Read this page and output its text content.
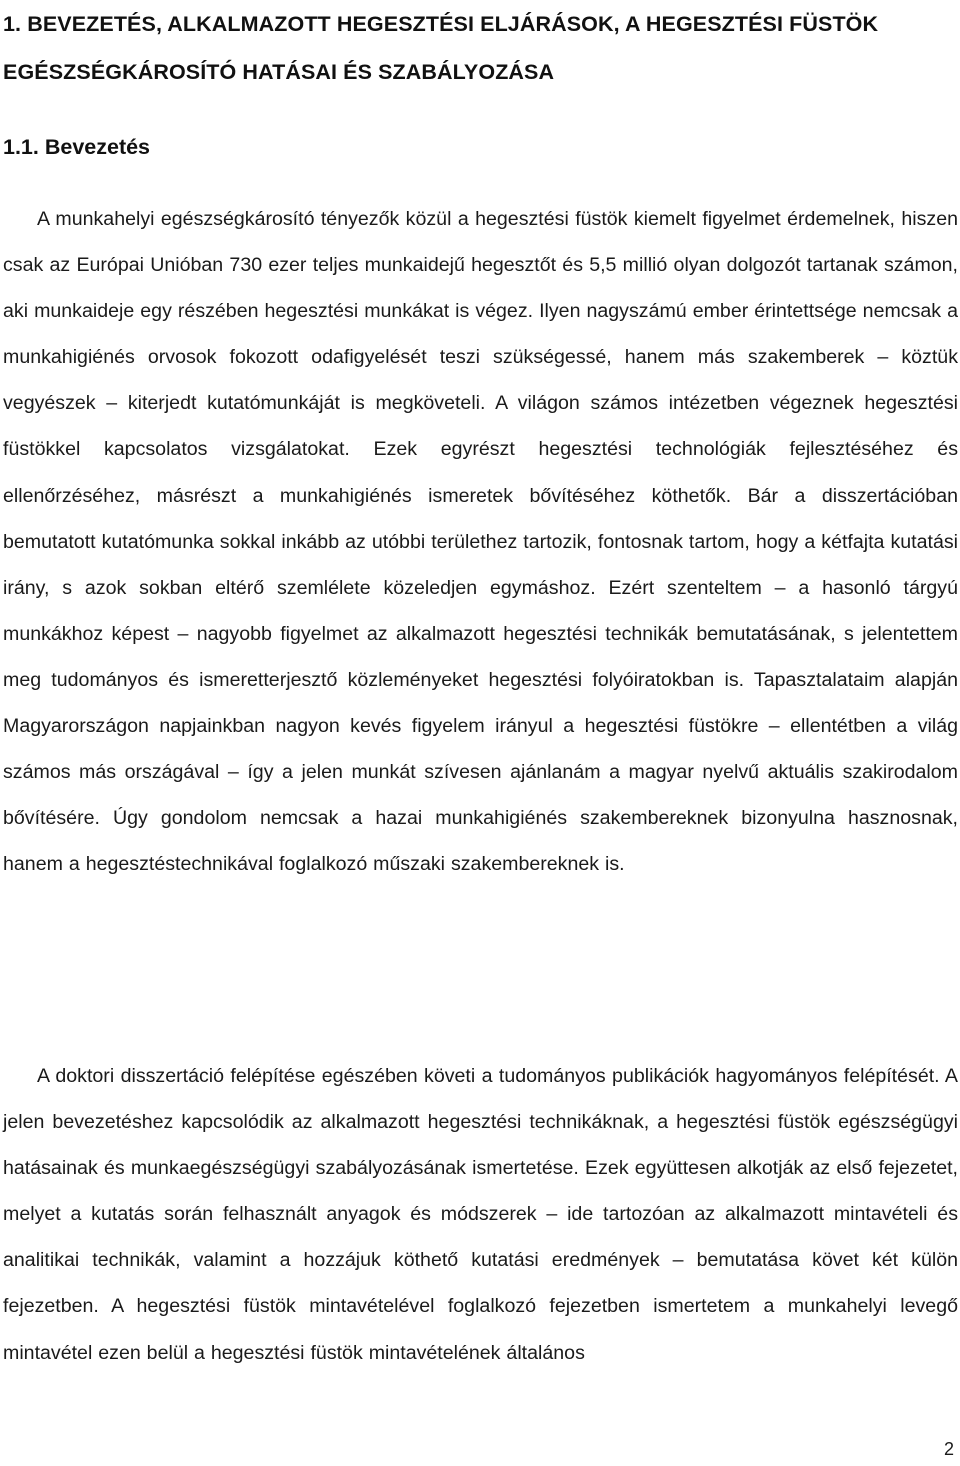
1. BEVEZETÉS, ALKALMAZOTT HEGESZTÉSI ELJÁRÁSOK, A HEGESZTÉSI FÜSTÖK EGÉSZSÉGKÁROSÍTÓ HATÁSAI ÉS SZABÁLYOZÁSA
1.1. Bevezetés

A munkahelyi egészségkárosító tényezők közül a hegesztési füstök kiemelt figyelmet érdemelnek, hiszen csak az Európai Unióban 730 ezer teljes munkaidejű hegesztőt és 5,5 millió olyan dolgozót tartanak számon, aki munkaideje egy részében hegesztési munkákat is végez. Ilyen nagyszámú ember érintettsége nemcsak a munkahigiénés orvosok fokozott odafigyelését teszi szükségessé, hanem más szakemberek – köztük vegyészek – kiterjedt kutatómunkáját is megköveteli. A világon számos intézetben végeznek hegesztési füstökkel kapcsolatos vizsgálatokat. Ezek egyrészt hegesztési technológiák fejlesztéséhez és ellenőrzéséhez, másrészt a munkahigiénés ismeretek bővítéséhez köthetők. Bár a disszertációban bemutatott kutatómunka sokkal inkább az utóbbi területhez tartozik, fontosnak tartom, hogy a kétfajta kutatási irány, s azok sokban eltérő szemlélete közeledjen egymáshoz. Ezért szenteltem – a hasonló tárgyú munkákhoz képest – nagyobb figyelmet az alkalmazott hegesztési technikák bemutatásának, s jelentettem meg tudományos és ismeretterjesztő közleményeket hegesztési folyóiratokban is. Tapasztalataim alapján Magyarországon napjainkban nagyon kevés figyelem irányul a hegesztési füstökre – ellentétben a világ számos más országával – így a jelen munkát szívesen ajánlanám a magyar nyelvű aktuális szakirodalom bővítésére. Úgy gondolom nemcsak a hazai munkahigiénés szakembereknek bizonyulna hasznosnak, hanem a hegesztéstechnikával foglalkozó műszaki szakembereknek is.

A doktori disszertáció felépítése egészében követi a tudományos publikációk hagyományos felépítését. A jelen bevezetéshez kapcsolódik az alkalmazott hegesztési technikáknak, a hegesztési füstök egészségügyi hatásainak és munkaegészségügyi szabályozásának ismertetése. Ezek együttesen alkotják az első fejezetet, melyet a kutatás során felhasznált anyagok és módszerek – ide tartozóan az alkalmazott mintavételi és analitikai technikák, valamint a hozzájuk köthető kutatási eredmények – bemutatása követ két külön fejezetben. A hegesztési füstök mintavételével foglalkozó fejezetben ismertetem a munkahelyi levegő mintavétel ezen belül a hegesztési füstök mintavételének általános

2
